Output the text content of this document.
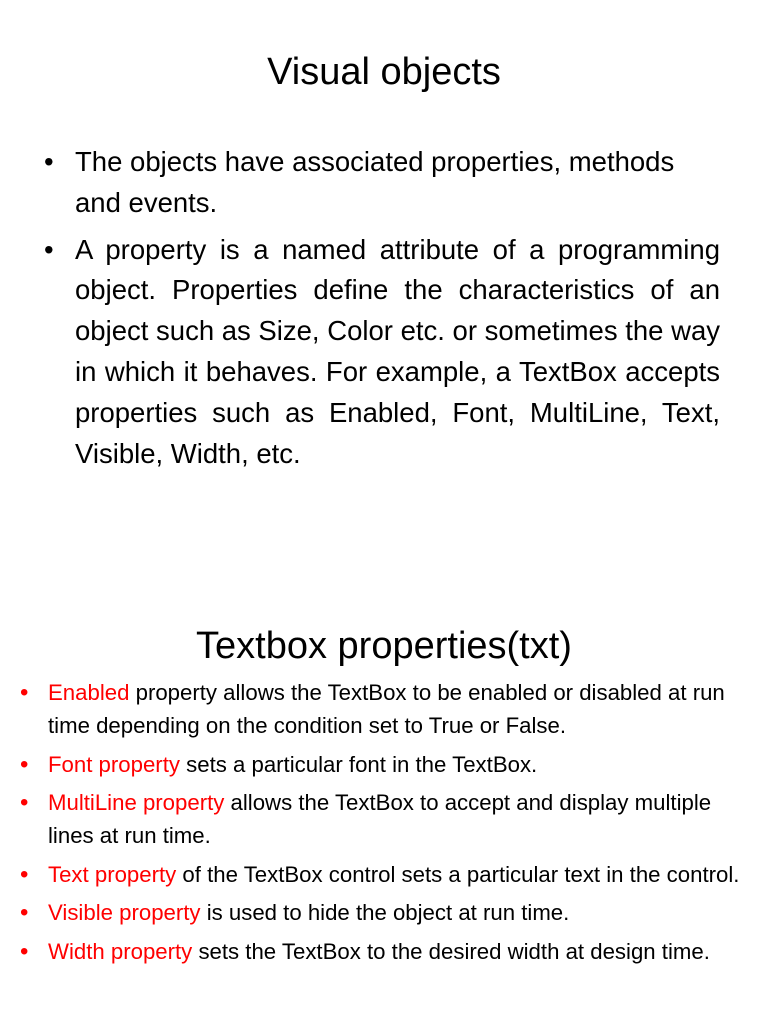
Visual objects
• The objects have associated properties, methods and events.
• A property is a named attribute of a programming object. Properties define the characteristics of an object such as Size, Color etc. or sometimes the way in which it behaves. For example, a TextBox accepts properties such as Enabled, Font, MultiLine, Text, Visible, Width, etc.
Textbox properties(txt)
• Enabled property allows the TextBox to be enabled or disabled at run time depending on the condition set to True or False.
• Font property sets a particular font in the TextBox.
• MultiLine property allows the TextBox to accept and display multiple lines at run time.
• Text property of the TextBox control sets a particular text in the control.
• Visible property is used to hide the object at run time.
• Width property sets the TextBox to the desired width at design time.
